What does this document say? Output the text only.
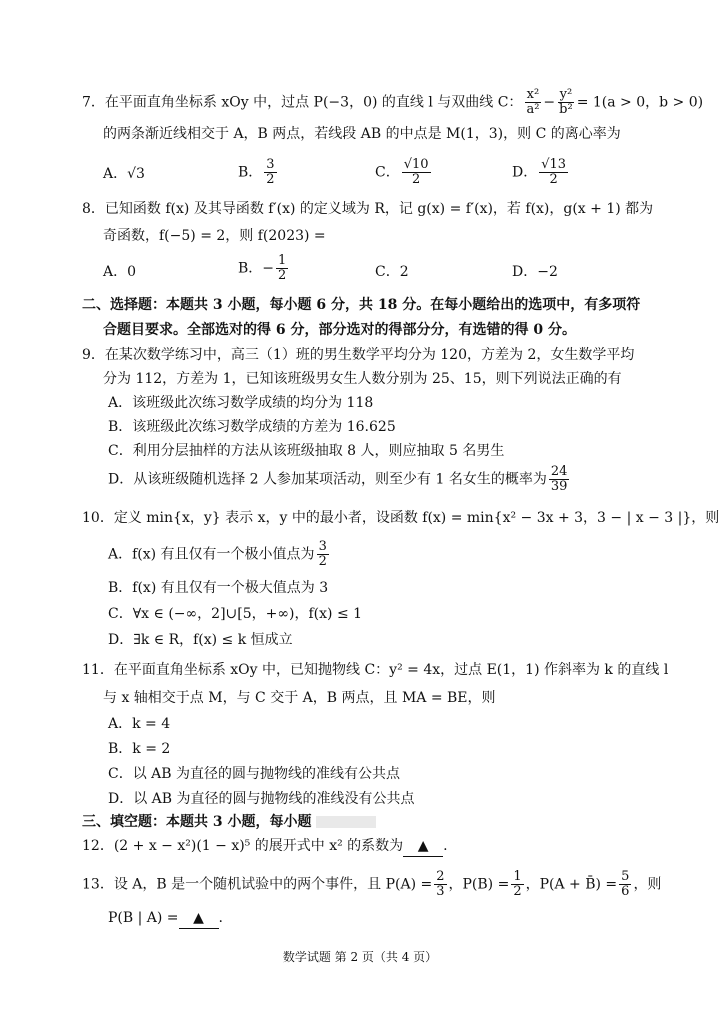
7．在平面直角坐标系 xOy 中，过点 P(−3，0) 的直线 l 与双曲线 C： $\frac{\text{x²}}{\text{a²}} - \frac{\text{y²}}{\text{b²}} = 1(a > 0$，b > 0)
的两条渐近线相交于 A，B 两点，若线段 AB 的中点是 M(1，3)，则 C 的离心率为
A．√3	B． $\frac{3}{2}$	C． $\frac{√10}{2}$	D． $\frac{√13}{2}$
8．已知函数 f(x) 及其导函数 f′(x) 的定义域为 R，记 g(x) = f′(x)，若 f(x)，g(x + 1) 都为
奇函数，f(−5) = 2，则 f(2023) =
A．0	B．− $\frac{1}{2}$	C．2	D．−2
二、选择题：本题共 3 小题，每小题 6 分，共 18 分。在每小题给出的选项中，有多项符
合题目要求。全部选对的得 6 分，部分选对的得部分分，有选错的得 0 分。
9．在某次数学练习中，高三（1）班的男生数学平均分为 120，方差为 2，女生数学平均
分为 112，方差为 1，已知该班级男女生人数分别为 25、15，则下列说法正确的有
A．该班级此次练习数学成绩的均分为 118
B．该班级此次练习数学成绩的方差为 16.625
C．利用分层抽样的方法从该班级抽取 8 人，则应抽取 5 名男生
D．从该班级随机选择 2 人参加某项活动，则至少有 1 名女生的概率为 $\frac{24}{39}$
10．定义 min{x，y} 表示 x，y 中的最小者，设函数 f(x) = min{x² − 3x + 3，3 − | x − 3 |}，则
A．f(x) 有且仅有一个极小值点为 $\frac{3}{2}$
B．f(x) 有且仅有一个极大值点为 3
C．∀x ∈ (−∞，2]∪[5，+∞)，f(x) ≤ 1
D．∃k ∈ R，f(x) ≤ k 恒成立
11．在平面直角坐标系 xOy 中，已知抛物线 C：y² = 4x，过点 E(1，1) 作斜率为 k 的直线 l
与 x 轴相交于点 M，与 C 交于 A，B 两点，且 MA = BE，则
A．k = 4
B．k = 2
C．以 AB 为直径的圆与抛物线的准线有公共点
D．以 AB 为直径的圆与抛物线的准线没有公共点
三、填空题：本题共 3 小题，每小题
12．(2 + x − x²)(1 − x)⁵ 的展开式中 x² 的系数为 ▲ .
13．设 A，B 是一个随机试验中的两个事件，且 $P(A) = \frac{2}{3}$ ，$P(B) = \frac{1}{2}$ ，P(A + B̄) = $\frac{5}{6}$ ，则
P(B | A) = ▲ .
数学试题 第 2 页（共 4 页）
